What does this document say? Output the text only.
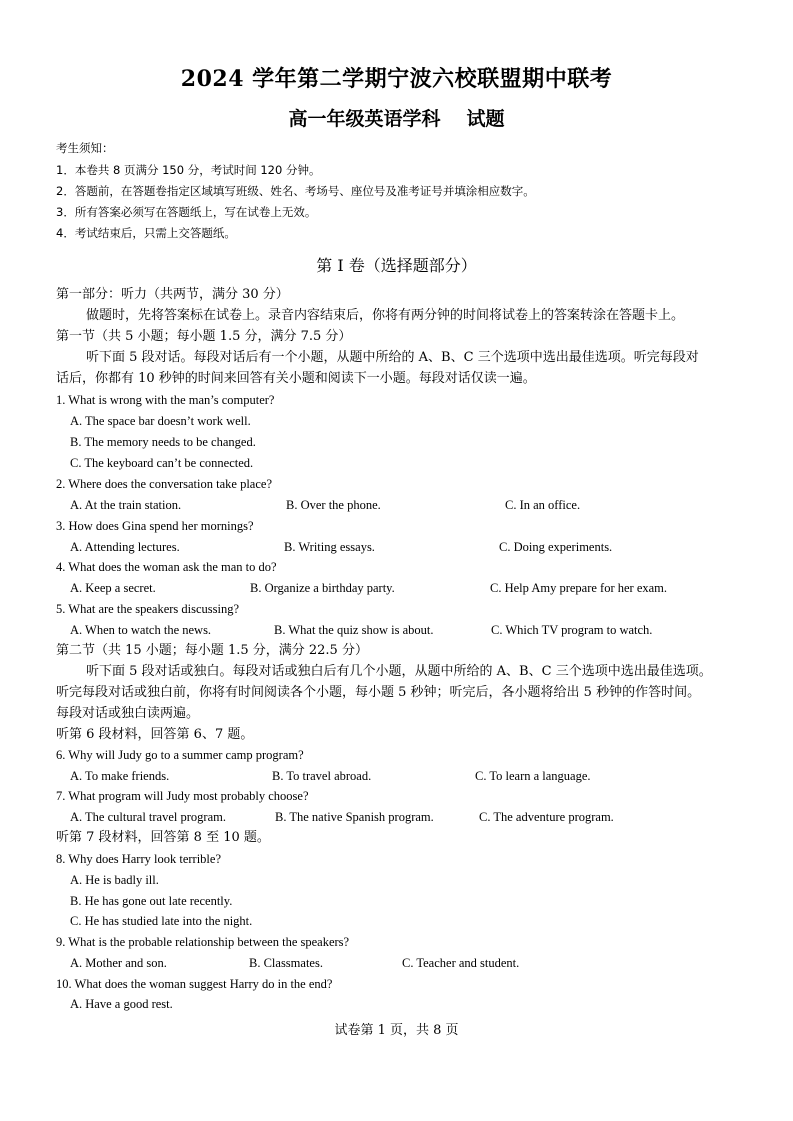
2024 学年第二学期宁波六校联盟期中联考
高一年级英语学科 试题
考生须知：
1．本卷共 8 页满分 150 分，考试时间 120 分钟。
2．答题前，在答题卷指定区域填写班级、姓名、考场号、座位号及准考证号并填涂相应数字。
3．所有答案必须写在答题纸上，写在试卷上无效。
4．考试结束后，只需上交答题纸。
第 I 卷（选择题部分）
第一部分：听力（共两节，满分 30 分）
做题时，先将答案标在试卷上。录音内容结束后，你将有两分钟的时间将试卷上的答案转涂在答题卡上。
第一节（共 5 小题；每小题 1.5 分，满分 7.5 分）
听下面 5 段对话。每段对话后有一个小题，从题中所给的 A、B、C 三个选项中选出最佳选项。听完每段对
话后，你都有 10 秒钟的时间来回答有关小题和阅读下一小题。每段对话仅读一遍。
1. What is wrong with the man’s computer?
A. The space bar doesn’t work well.
B. The memory needs to be changed.
C. The keyboard can’t be connected.
2. Where does the conversation take place?
A. At the train station.	B. Over the phone.	C. In an office.
3. How does Gina spend her mornings?
A. Attending lectures.	B. Writing essays.	C. Doing experiments.
4. What does the woman ask the man to do?
A. Keep a secret.	B. Organize a birthday party.	C. Help Amy prepare for her exam.
5. What are the speakers discussing?
A. When to watch the news.	B. What the quiz show is about.	C. Which TV program to watch.
第二节（共 15 小题；每小题 1.5 分，满分 22.5 分）
听下面 5 段对话或独白。每段对话或独白后有几个小题，从题中所给的 A、B、C 三个选项中选出最佳选项。
听完每段对话或独白前，你将有时间阅读各个小题，每小题 5 秒钟；听完后，各小题将给出 5 秒钟的作答时间。
每段对话或独白读两遍。
听第 6 段材料，回答第 6、7 题。
6. Why will Judy go to a summer camp program?
A. To make friends.	B. To travel abroad.	C. To learn a language.
7. What program will Judy most probably choose?
A. The cultural travel program.	B. The native Spanish program.	C. The adventure program.
听第 7 段材料，回答第 8 至 10 题。
8. Why does Harry look terrible?
A. He is badly ill.
B. He has gone out late recently.
C. He has studied late into the night.
9. What is the probable relationship between the speakers?
A. Mother and son.	B. Classmates.	C. Teacher and student.
10. What does the woman suggest Harry do in the end?
A. Have a good rest.
试卷第 1 页，共 8 页
